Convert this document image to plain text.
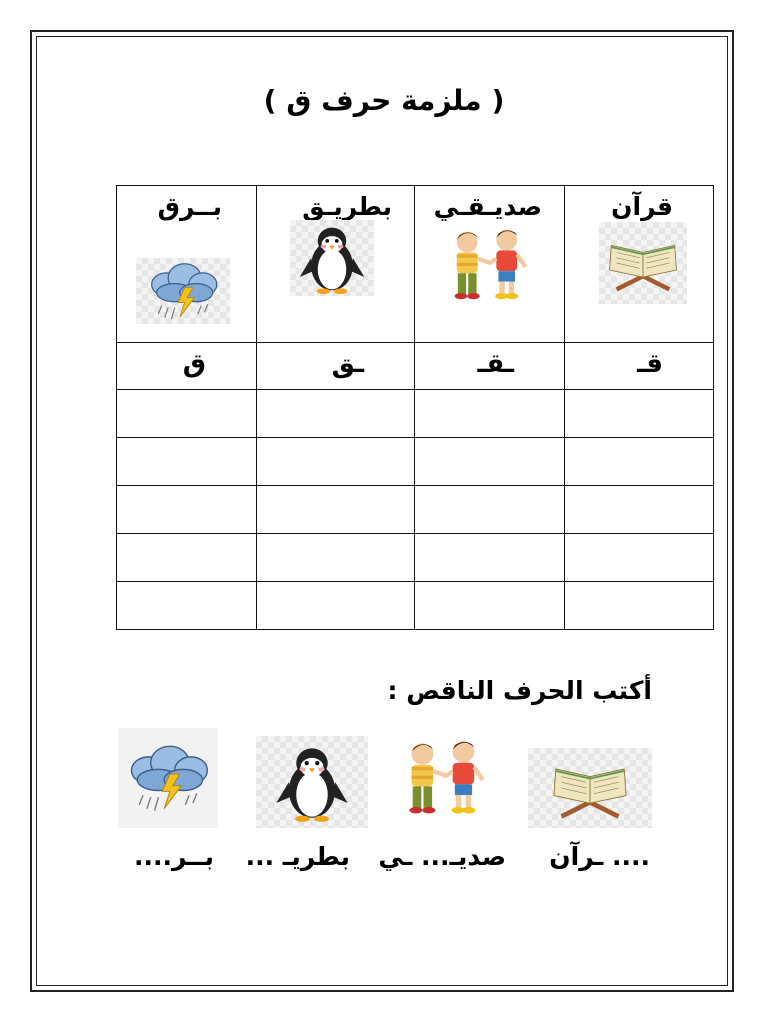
(ملزمة حرف ق)
قرآن	صديـقـي	بطريـق	بــرق

قـ	ـقـ	ـق	ق

أكتب الحرف الناقص :
.... ـرآن
صديـ... ـي
بطريـ ...
بــر....
